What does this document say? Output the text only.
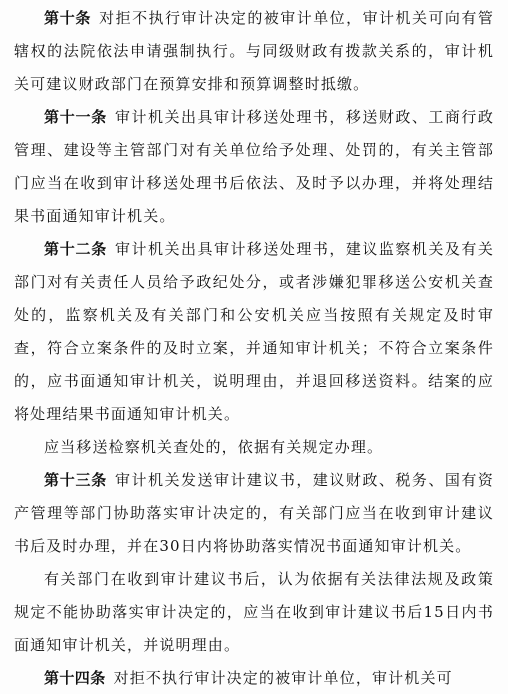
第十条 对拒不执行审计决定的被审计单位，审计机关可向有管辖权的法院依法申请强制执行。与同级财政有拨款关系的，审计机关可建议财政部门在预算安排和预算调整时抵缴。

第十一条 审计机关出具审计移送处理书，移送财政、工商行政管理、建设等主管部门对有关单位给予处理、处罚的，有关主管部门应当在收到审计移送处理书后依法、及时予以办理，并将处理结果书面通知审计机关。

第十二条 审计机关出具审计移送处理书，建议监察机关及有关部门对有关责任人员给予政纪处分，或者涉嫌犯罪移送公安机关查处的，监察机关及有关部门和公安机关应当按照有关规定及时审查，符合立案条件的及时立案，并通知审计机关；不符合立案条件的，应书面通知审计机关，说明理由，并退回移送资料。结案的应将处理结果书面通知审计机关。

应当移送检察机关查处的，依据有关规定办理。

第十三条 审计机关发送审计建议书，建议财政、税务、国有资产管理等部门协助落实审计决定的，有关部门应当在收到审计建议书后及时办理，并在30日内将协助落实情况书面通知审计机关。

有关部门在收到审计建议书后，认为依据有关法律法规及政策规定不能协助落实审计决定的，应当在收到审计建议书后15日内书面通知审计机关，并说明理由。

第十四条 对拒不执行审计决定的被审计单位，审计机关可
